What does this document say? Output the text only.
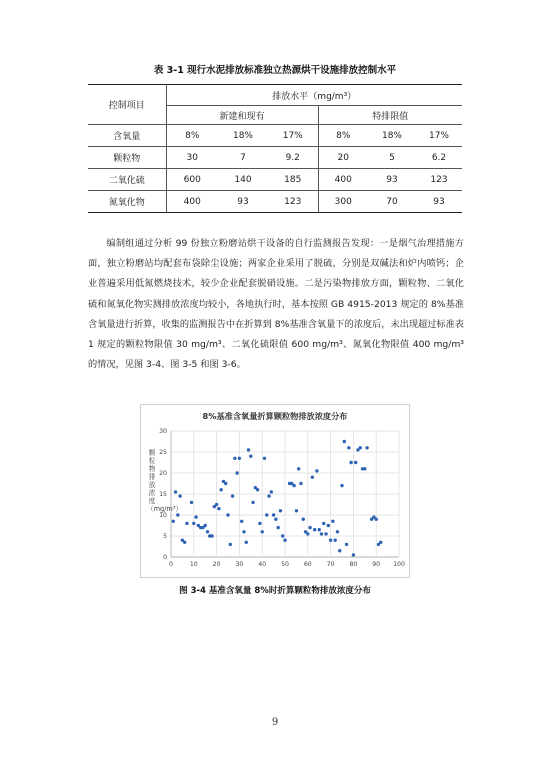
表 3-1 现行水泥排放标准独立热源烘干设施排放控制水平
控制项目	排放水平（mg/m³）					
	新建和现有			特排限值		
含氧量	8%	18%	17%	8%	18%	17%
颗粒物	30	7	9.2	20	5	6.2
二氧化硫	600	140	185	400	93	123
氮氧化物	400	93	123	300	70	93

编制组通过分析 99 份独立粉磨站烘干设备的自行监测报告发现：一是烟气治理措施方面，独立粉磨站均配套布袋除尘设施；两家企业采用了脱硫，分别是双碱法和炉内喷钙；企业普遍采用低氮燃烧技术，较少企业配套脱硝设施。二是污染物排放方面，颗粒物、二氧化硫和氮氧化物实测排放浓度均较小，各地执行时，基本按照 GB 4915-2013 规定的 8%基准含氧量进行折算，收集的监测报告中在折算到 8%基准含氧量下的浓度后，未出现超过标准表 1 规定的颗粒物限值 30 mg/m³、二氧化硫限值 600 mg/m³、氮氧化物限值 400 mg/m³ 的情况，见图 3-4、图 3-5 和图 3-6。

8%基准含氧量折算颗粒物排放浓度分布
颗粒物排放浓度（mg/m³）
0
5
10
15
20
25
30
0	10 20 30 40 50 60 70 80 90 100
图 3-4 基准含氧量 8%时折算颗粒物排放浓度分布
9
